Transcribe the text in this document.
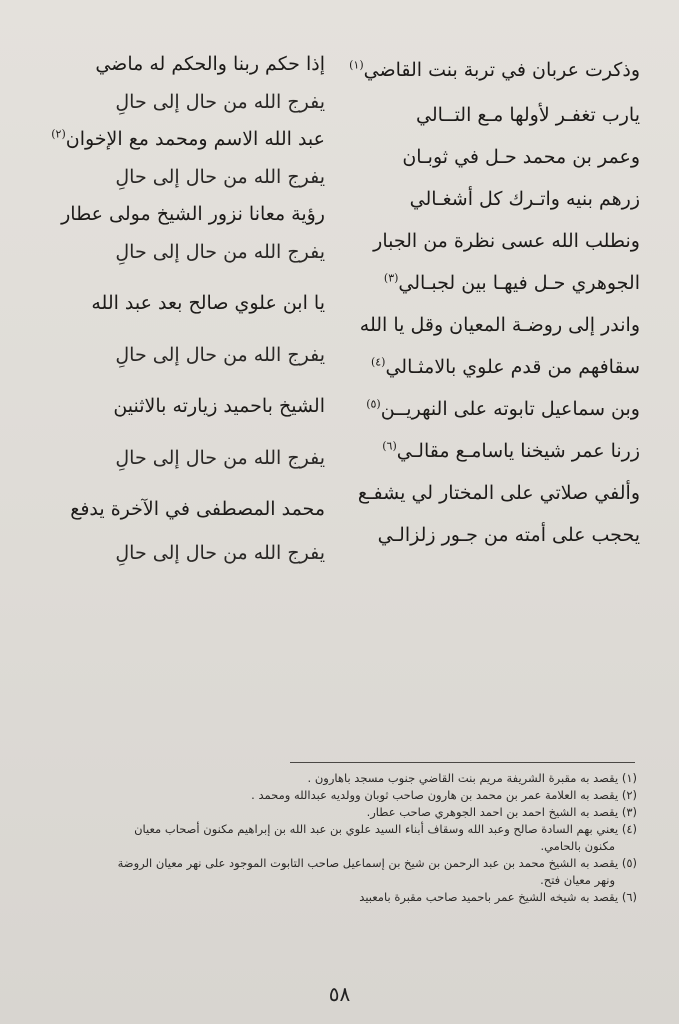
وذكرت عربان في تربة بنت القاضي$^{(١)}$
يارب تغفـر لأولها مـع التــالي
وعمر بن محمد حـل في ثوبـان
زرهم بنيه واتـرك كل أشغـالي
ونطلب الله عسى نظرة من الجبار
الجوهري حـل فيهـا بين لجبـالي$^{(٣)}$
واندر إلى روضـة المعيان وقل يا الله
سقافهم من قدم علوي بالامثـالي$^{(٤)}$
وبن سماعيل تابوته على النهريــن$^{(٥)}$
زرنا عمر شيخنا ياسامـع مقالـي$^{(٦)}$
وألفي صلاتي على المختار لي يشفـع
يحجب على أمته من جـور زلزالـي
إذا حكم ربنا والحكم له ماضي
يفرج الله من حال إلى حالِ
عبد الله الاسم ومحمد مع الإخوان$^{(٢)}$
يفرج الله من حال إلى حالِ
رؤية معانا نزور الشيخ مولى عطار
يفرج الله من حال إلى حالِ
يا ابن علوي صالح بعد عبد الله
يفرج الله من حال إلى حالِ
الشيخ باحميد زيارته بالاثنين
يفرج الله من حال إلى حالِ
محمد المصطفى في الآخرة يدفع
يفرج الله من حال إلى حالِ
(١) يقصد به مقبرة الشريفة مريم بنت القاضي جنوب مسجد باهارون .
(٢) يقصد به العلامة عمر بن محمد بن هارون صاحب ثوبان وولديه عبدالله ومحمد .
(٣) يقصد به الشيخ احمد بن احمد الجوهري صاحب عطار.
(٤) يعني بهم السادة صالح وعبد الله وسقاف أبناء السيد علوي بن عبد الله بن إبراهيم مكنون أصحاب معيان
مكنون بالحامي.
(٥) يقصد به الشيخ محمد بن عبد الرحمن بن شيخ بن إسماعيل صاحب التابوت الموجود على نهر معيان الروضة
ونهر معيان فتح.
(٦) يقصد به شيخه الشيخ عمر باحميد صاحب مقبرة بامعبيد
٥٨
